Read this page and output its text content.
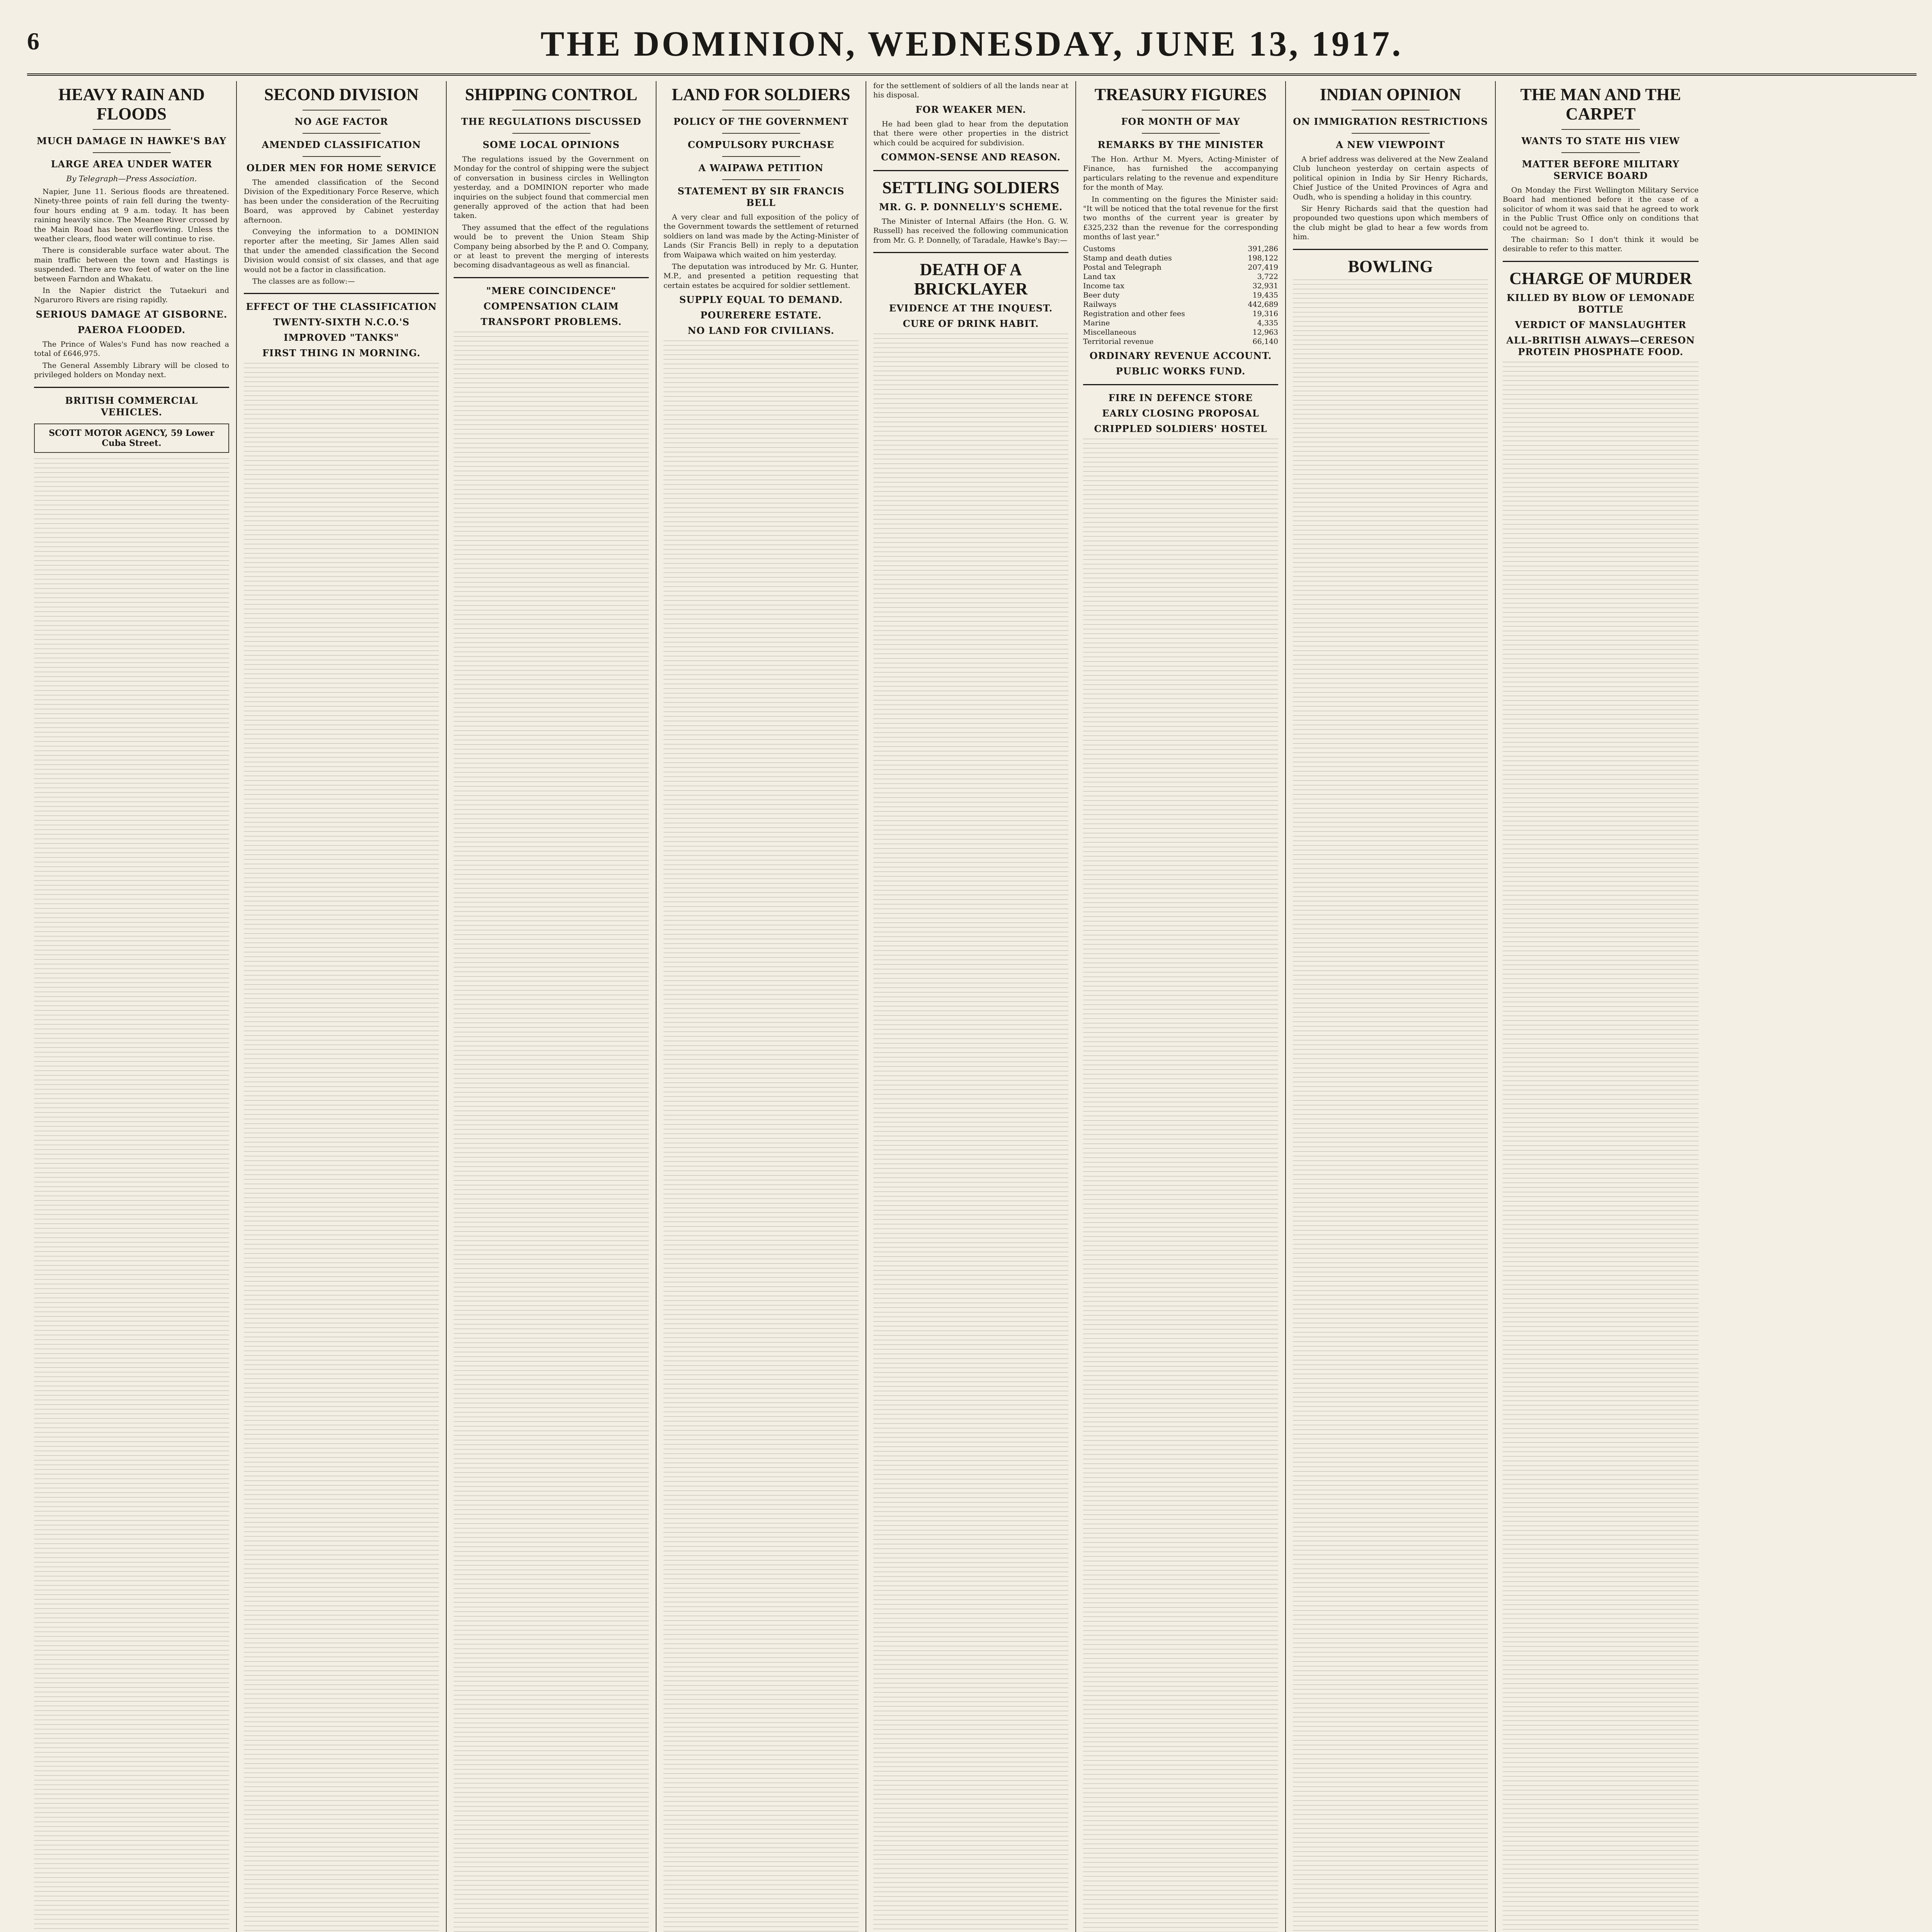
6	THE DOMINION, WEDNESDAY, JUNE 13, 1917.
HEAVY RAIN AND FLOODS
MUCH DAMAGE IN HAWKE'S BAY
LARGE AREA UNDER WATER
By Telegraph—Press Association.

Napier, June 11. Serious floods are threatened. Ninety-three points of rain fell during the twenty-four hours ending at 9 a.m. today. It has been raining heavily since. The Meanee River crossed by the Main Road has been overflowing. Unless the weather clears, flood water will continue to rise.

There is considerable surface water about. The main traffic between the town and Hastings is suspended. There are two feet of water on the line between Farndon and Whakatu.

In the Napier district the Tutaekuri and Ngaruroro Rivers are rising rapidly.

SERIOUS DAMAGE AT GISBORNE.
PAEROA FLOODED.

The Prince of Wales's Fund has now reached a total of £646,975.

The General Assembly Library will be closed to privileged holders on Monday next.

BRITISH COMMERCIAL VEHICLES.
SCOTT MOTOR AGENCY, 59 Lower Cuba Street.
SECOND DIVISION
NO AGE FACTOR
AMENDED CLASSIFICATION
OLDER MEN FOR HOME SERVICE

The amended classification of the Second Division of the Expeditionary Force Reserve, which has been under the consideration of the Recruiting Board, was approved by Cabinet yesterday afternoon.

Conveying the information to a DOMINION reporter after the meeting, Sir James Allen said that under the amended classification the Second Division would consist of six classes, and that age would not be a factor in classification.

The classes are as follow:—

EFFECT OF THE CLASSIFICATION
TWENTY-SIXTH N.C.O.'S
IMPROVED "TANKS"
FIRST THING IN MORNING.
SHIPPING CONTROL
THE REGULATIONS DISCUSSED
SOME LOCAL OPINIONS

The regulations issued by the Government on Monday for the control of shipping were the subject of conversation in business circles in Wellington yesterday, and a DOMINION reporter who made inquiries on the subject found that commercial men generally approved of the action that had been taken.

They assumed that the effect of the regulations would be to prevent the Union Steam Ship Company being absorbed by the P. and O. Company, or at least to prevent the merging of interests becoming disadvantageous as well as financial.

"MERE COINCIDENCE"
COMPENSATION CLAIM
TRANSPORT PROBLEMS.
LAND FOR SOLDIERS
POLICY OF THE GOVERNMENT
COMPULSORY PURCHASE
A WAIPAWA PETITION
STATEMENT BY SIR FRANCIS BELL

A very clear and full exposition of the policy of the Government towards the settlement of returned soldiers on land was made by the Acting-Minister of Lands (Sir Francis Bell) in reply to a deputation from Waipawa which waited on him yesterday.

The deputation was introduced by Mr. G. Hunter, M.P., and presented a petition requesting that certain estates be acquired for soldier settlement.

SUPPLY EQUAL TO DEMAND.
POURERERE ESTATE.
NO LAND FOR CIVILIANS.

for the settlement of soldiers of all the lands near at his disposal.

FOR WEAKER MEN.

He had been glad to hear from the deputation that there were other properties in the district which could be acquired for subdivision.

COMMON-SENSE AND REASON.
SETTLING SOLDIERS
MR. G. P. DONNELLY'S SCHEME.

The Minister of Internal Affairs (the Hon. G. W. Russell) has received the following communication from Mr. G. P. Donnelly, of Taradale, Hawke's Bay:—

DEATH OF A BRICKLAYER
EVIDENCE AT THE INQUEST.
CURE OF DRINK HABIT.
TREASURY FIGURES
FOR MONTH OF MAY
REMARKS BY THE MINISTER

The Hon. Arthur M. Myers, Acting-Minister of Finance, has furnished the accompanying particulars relating to the revenue and expenditure for the month of May.

In commenting on the figures the Minister said: "It will be noticed that the total revenue for the first two months of the current year is greater by £325,232 than the revenue for the corresponding months of last year."

Customs	391,286
Stamp and death duties	198,122
Postal and Telegraph	207,419
Land tax	3,722
Income tax	32,931
Beer duty	19,435
Railways	442,689
Registration and other fees	19,316
Marine	4,335
Miscellaneous	12,963
Territorial revenue	66,140
ORDINARY REVENUE ACCOUNT.
PUBLIC WORKS FUND.
FIRE IN DEFENCE STORE
EARLY CLOSING PROPOSAL
CRIPPLED SOLDIERS' HOSTEL
INDIAN OPINION
ON IMMIGRATION RESTRICTIONS
A NEW VIEWPOINT

A brief address was delivered at the New Zealand Club luncheon yesterday on certain aspects of political opinion in India by Sir Henry Richards, Chief Justice of the United Provinces of Agra and Oudh, who is spending a holiday in this country.

Sir Henry Richards said that the question had propounded two questions upon which members of the club might be glad to hear a few words from him.

BOWLING
THE MAN AND THE CARPET
WANTS TO STATE HIS VIEW
MATTER BEFORE MILITARY SERVICE BOARD

On Monday the First Wellington Military Service Board had mentioned before it the case of a solicitor of whom it was said that he agreed to work in the Public Trust Office only on conditions that could not be agreed to.

The chairman: So I don't think it would be desirable to refer to this matter.

CHARGE OF MURDER
KILLED BY BLOW OF LEMONADE BOTTLE
VERDICT OF MANSLAUGHTER
ALL-BRITISH ALWAYS—CERESON PROTEIN PHOSPHATE FOOD.
